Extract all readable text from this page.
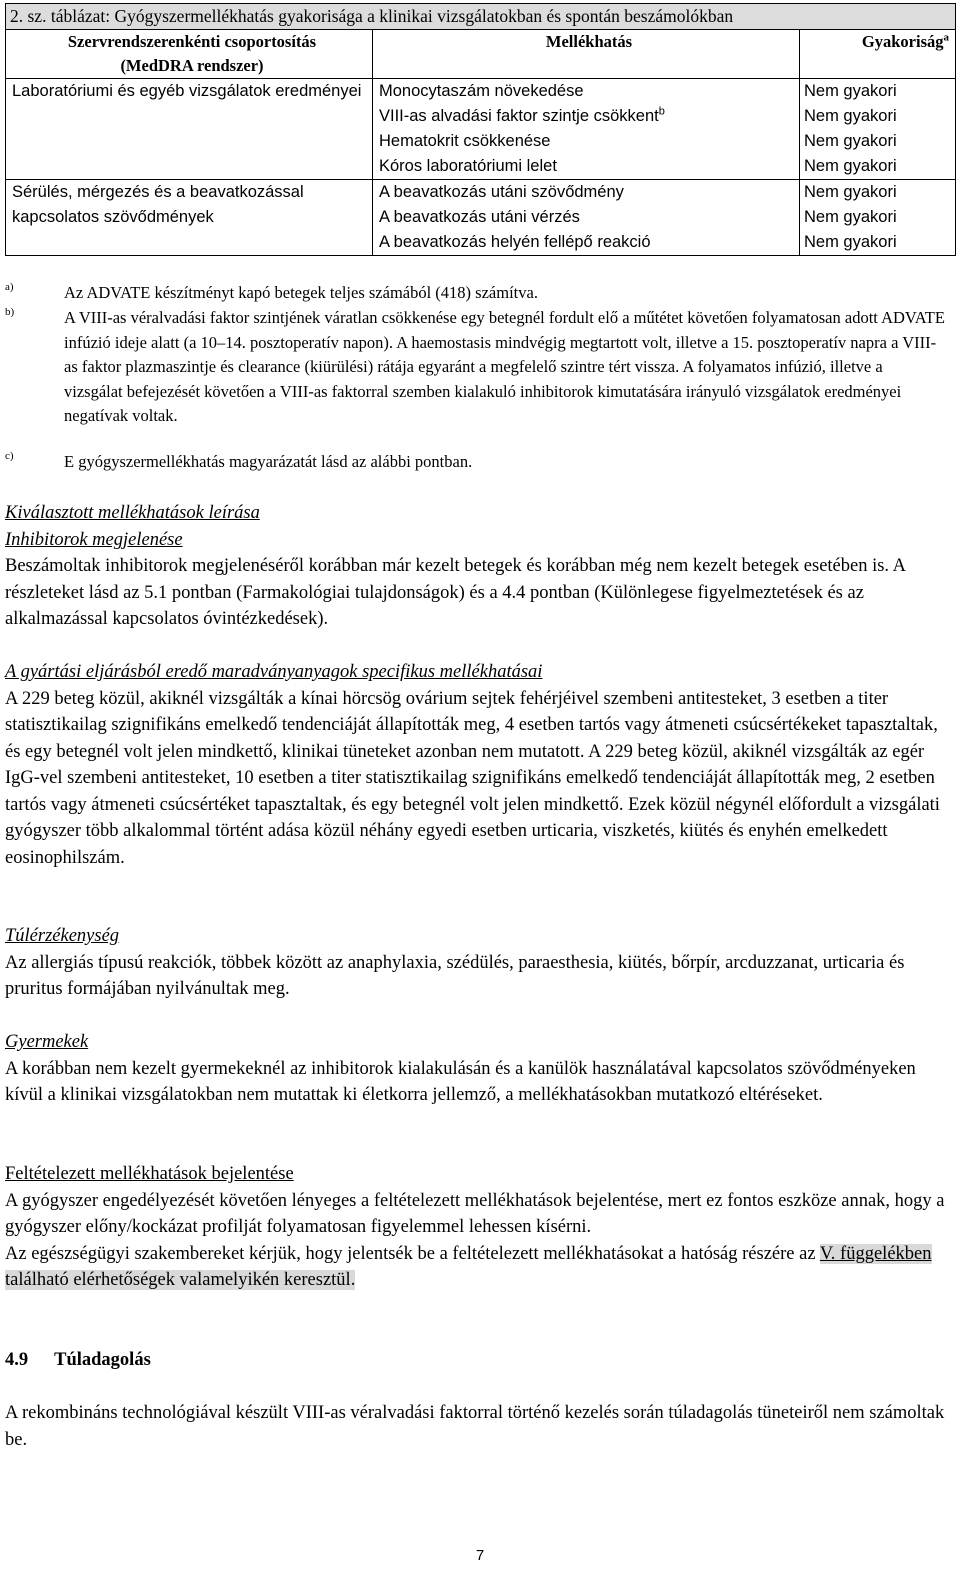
2. sz. táblázat: Gyógyszermellékhatás gyakorisága a klinikai vizsgálatokban és spontán beszámolókban		
Szervrendszerenkénti csoportosítás	Mellékhatás	Gyakoriság$^a$
(MedDRA rendszer)		
Laboratóriumi és egyéb vizsgálatok eredményei	Monocytaszám növekedése	Nem gyakori
	VIII-as alvadási faktor szintje csökkent$^b$	Nem gyakori
	Hematokrit csökkenése	Nem gyakori
	Kóros laboratóriumi lelet	Nem gyakori
Sérülés, mérgezés és a beavatkozással kapcsolatos szövődmények	A beavatkozás utáni szövődmény	Nem gyakori
	A beavatkozás utáni vérzés	Nem gyakori
	A beavatkozás helyén fellépő reakció	Nem gyakori
a)	Az ADVATE készítményt kapó betegek teljes számából (418) számítva.
b)	A VIII-as véralvadási faktor szintjének váratlan csökkenése egy betegnél fordult elő a műtétet követően folyamatosan adott ADVATE infúzió ideje alatt (a 10–14. posztoperatív napon). A haemostasis mindvégig megtartott volt, illetve a 15. posztoperatív napra a VIII-as faktor plazmaszintje és clearance (kiürülési) rátája egyaránt a megfelelő szintre tért vissza. A folyamatos infúzió, illetve a vizsgálat befejezését követően a VIII-as faktorral szemben kialakuló inhibitorok kimutatására irányuló vizsgálatok eredményei negatívak voltak.
c)	E gyógyszermellékhatás magyarázatát lásd az alábbi pontban.
Kiválasztott mellékhatások leírása
Inhibitorok megjelenése
Beszámoltak inhibitorok megjelenéséről korábban már kezelt betegek és korábban még nem kezelt betegek esetében is. A részleteket lásd az 5.1 pontban (Farmakológiai tulajdonságok) és a 4.4 pontban (Különlegese figyelmeztetések és az alkalmazással kapcsolatos óvintézkedések).
A gyártási eljárásból eredő maradványanyagok specifikus mellékhatásai
A 229 beteg közül, akiknél vizsgálták a kínai hörcsög ovárium sejtek fehérjéivel szembeni antitesteket, 3 esetben a titer statisztikailag szignifikáns emelkedő tendenciáját állapították meg, 4 esetben tartós vagy átmeneti csúcsértékeket tapasztaltak, és egy betegnél volt jelen mindkettő, klinikai tüneteket azonban nem mutatott. A 229 beteg közül, akiknél vizsgálták az egér IgG-vel szembeni antitesteket, 10 esetben a titer statisztikailag szignifikáns emelkedő tendenciáját állapították meg, 2 esetben tartós vagy átmeneti csúcsértéket tapasztaltak, és egy betegnél volt jelen mindkettő. Ezek közül négynél előfordult a vizsgálati gyógyszer több alkalommal történt adása közül néhány egyedi esetben urticaria, viszketés, kiütés és enyhén emelkedett eosinophilszám.
Túlérzékenység
Az allergiás típusú reakciók, többek között az anaphylaxia, szédülés, paraesthesia, kiütés, bőrpír, arcduzzanat, urticaria és pruritus formájában nyilvánultak meg.
Gyermekek
A korábban nem kezelt gyermekeknél az inhibitorok kialakulásán és a kanülök használatával kapcsolatos szövődményeken kívül a klinikai vizsgálatokban nem mutattak ki életkorra jellemző, a mellékhatásokban mutatkozó eltéréseket.
Feltételezett mellékhatások bejelentése
A gyógyszer engedélyezését követően lényeges a feltételezett mellékhatások bejelentése, mert ez fontos eszköze annak, hogy a gyógyszer előny/kockázat profilját folyamatosan figyelemmel lehessen kísérni.
Az egészségügyi szakembereket kérjük, hogy jelentsék be a feltételezett mellékhatásokat a hatóság részére az V. függelékben található elérhetőségek valamelyikén keresztül.
4.9 Túladagolás
A rekombináns technológiával készült VIII-as véralvadási faktorral történő kezelés során túladagolás tüneteiről nem számoltak be.
7
